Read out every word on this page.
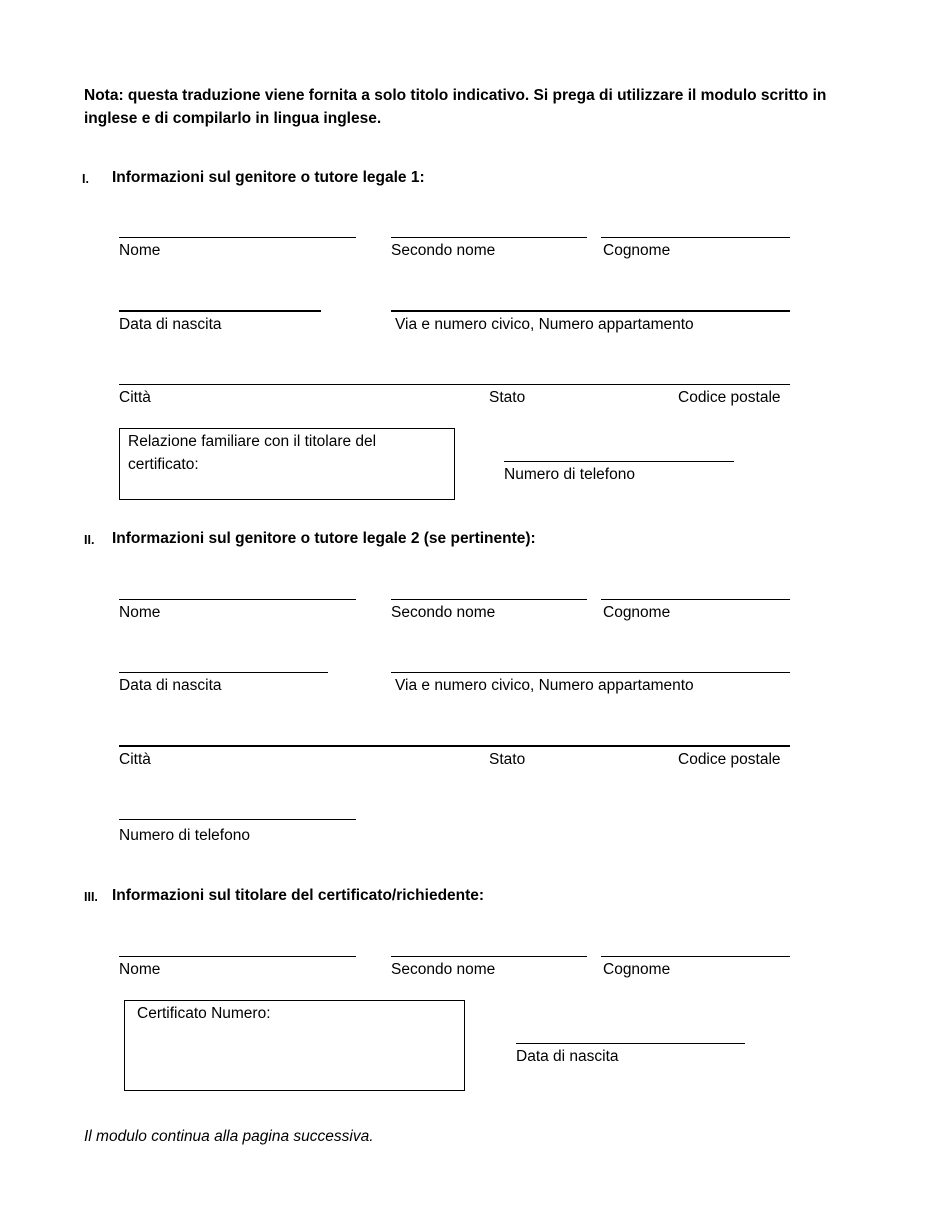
Nota: questa traduzione viene fornita a solo titolo indicativo. Si prega di utilizzare il modulo scritto in inglese e di compilarlo in lingua inglese.
I. Informazioni sul genitore o tutore legale 1:
Nome	Secondo nome	Cognome
Data di nascita	Via e numero civico, Numero appartamento
Città	Stato	Codice postale
Relazione familiare con il titolare del certificato:
Numero di telefono
II. Informazioni sul genitore o tutore legale 2 (se pertinente):
Nome	Secondo nome	Cognome
Data di nascita	Via e numero civico, Numero appartamento
Città	Stato	Codice postale
Numero di telefono
III. Informazioni sul titolare del certificato/richiedente:
Nome	Secondo nome	Cognome
Certificato Numero:
Data di nascita
Il modulo continua alla pagina successiva.
